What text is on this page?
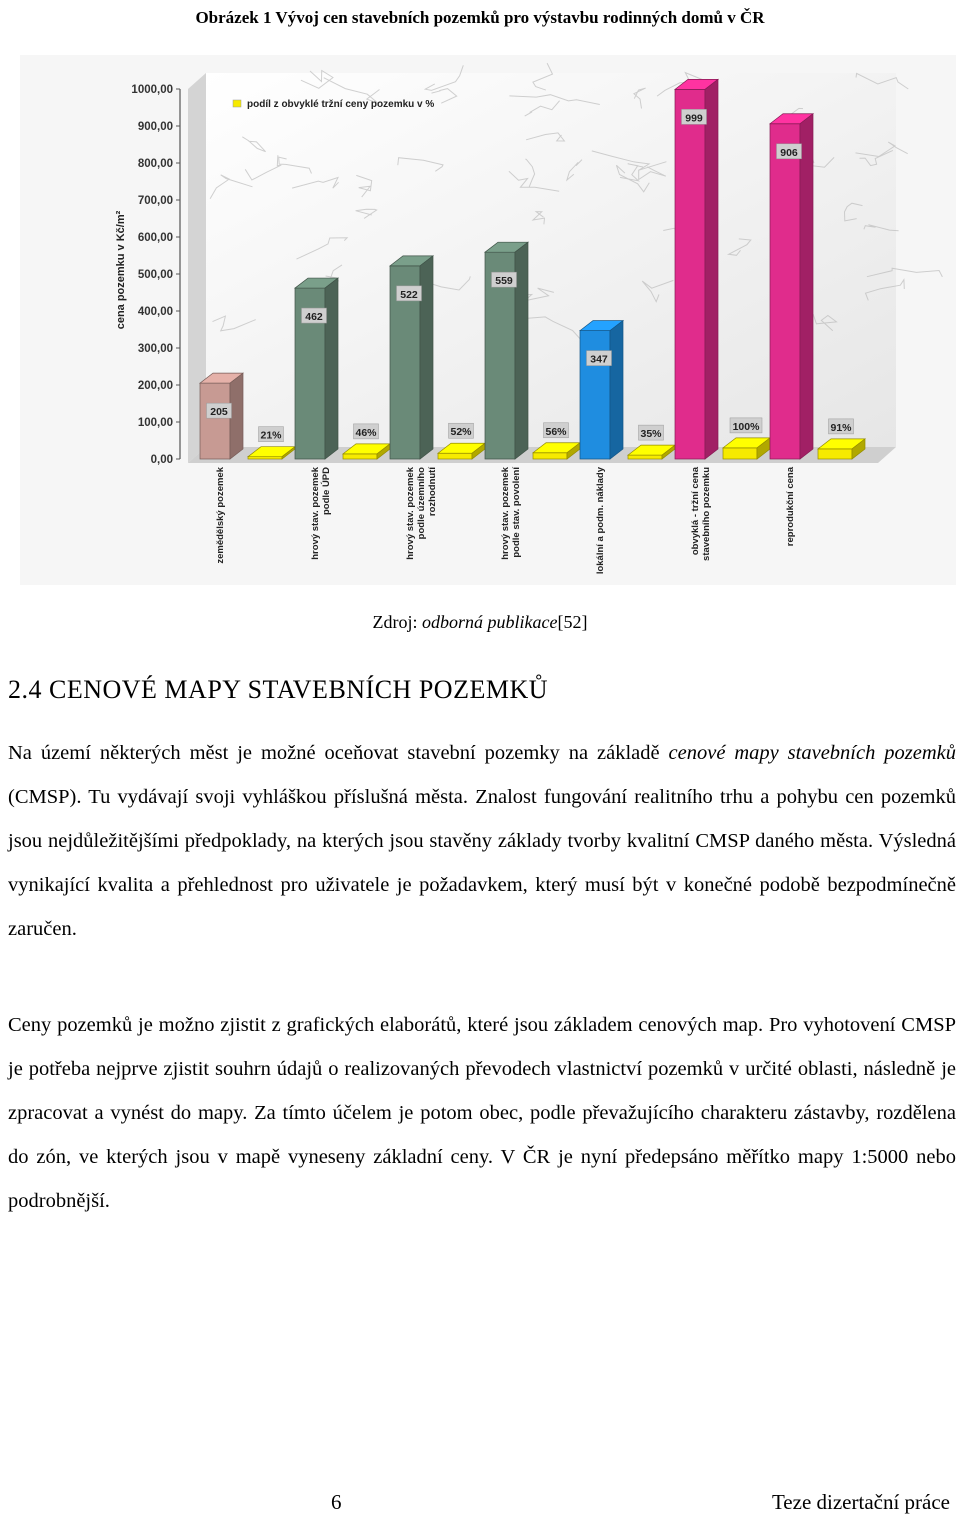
Obrázek 1 Vývoj cen stavebních pozemků pro výstavbu rodinných domů v ČR
0,00
100,00
200,00
300,00
400,00
500,00
600,00
700,00
800,00
900,00
1000,00
cena pozemku v Kč/m²
podíl z obvyklé tržní ceny pozemku v %
205
21%
462
46%
522
52%
559
56%
347
35%
999
100%
906
91%
zemědělský pozemek	hrový stav. pozemek podle ÚPD	hrový stav. pozemek podle územního rozhodnutí	hrový stav. pozemek podle stav. povolení	lokální a podm. náklady	obvyklá - tržní cena stavebního pozemku	reprodukční cena
Zdroj: odborná publikace[52]
2.4 CENOVÉ MAPY STAVEBNÍCH POZEMKŮ

Na území některých měst je možné oceňovat stavební pozemky na základě cenové mapy stavebních pozemků (CMSP). Tu vydávají svoji vyhláškou příslušná města. Znalost fungování realitního trhu a pohybu cen pozemků jsou nejdůležitějšími předpoklady, na kterých jsou stavěny základy tvorby kvalitní CMSP daného města. Výsledná vynikající kvalita a přehlednost pro uživatele je požadavkem, který musí být v konečné podobě bezpodmínečně zaručen.

Ceny pozemků je možno zjistit z grafických elaborátů, které jsou základem cenových map. Pro vyhotovení CMSP je potřeba nejprve zjistit souhrn údajů o realizovaných převodech vlastnictví pozemků v určité oblasti, následně je zpracovat a vynést do mapy. Za tímto účelem je potom obec, podle převažujícího charakteru zástavby, rozdělena do zón, ve kterých jsou v mapě vyneseny základní ceny. V ČR je nyní předepsáno měřítko mapy 1:5000 nebo podrobnější.

6	Teze dizertační práce
